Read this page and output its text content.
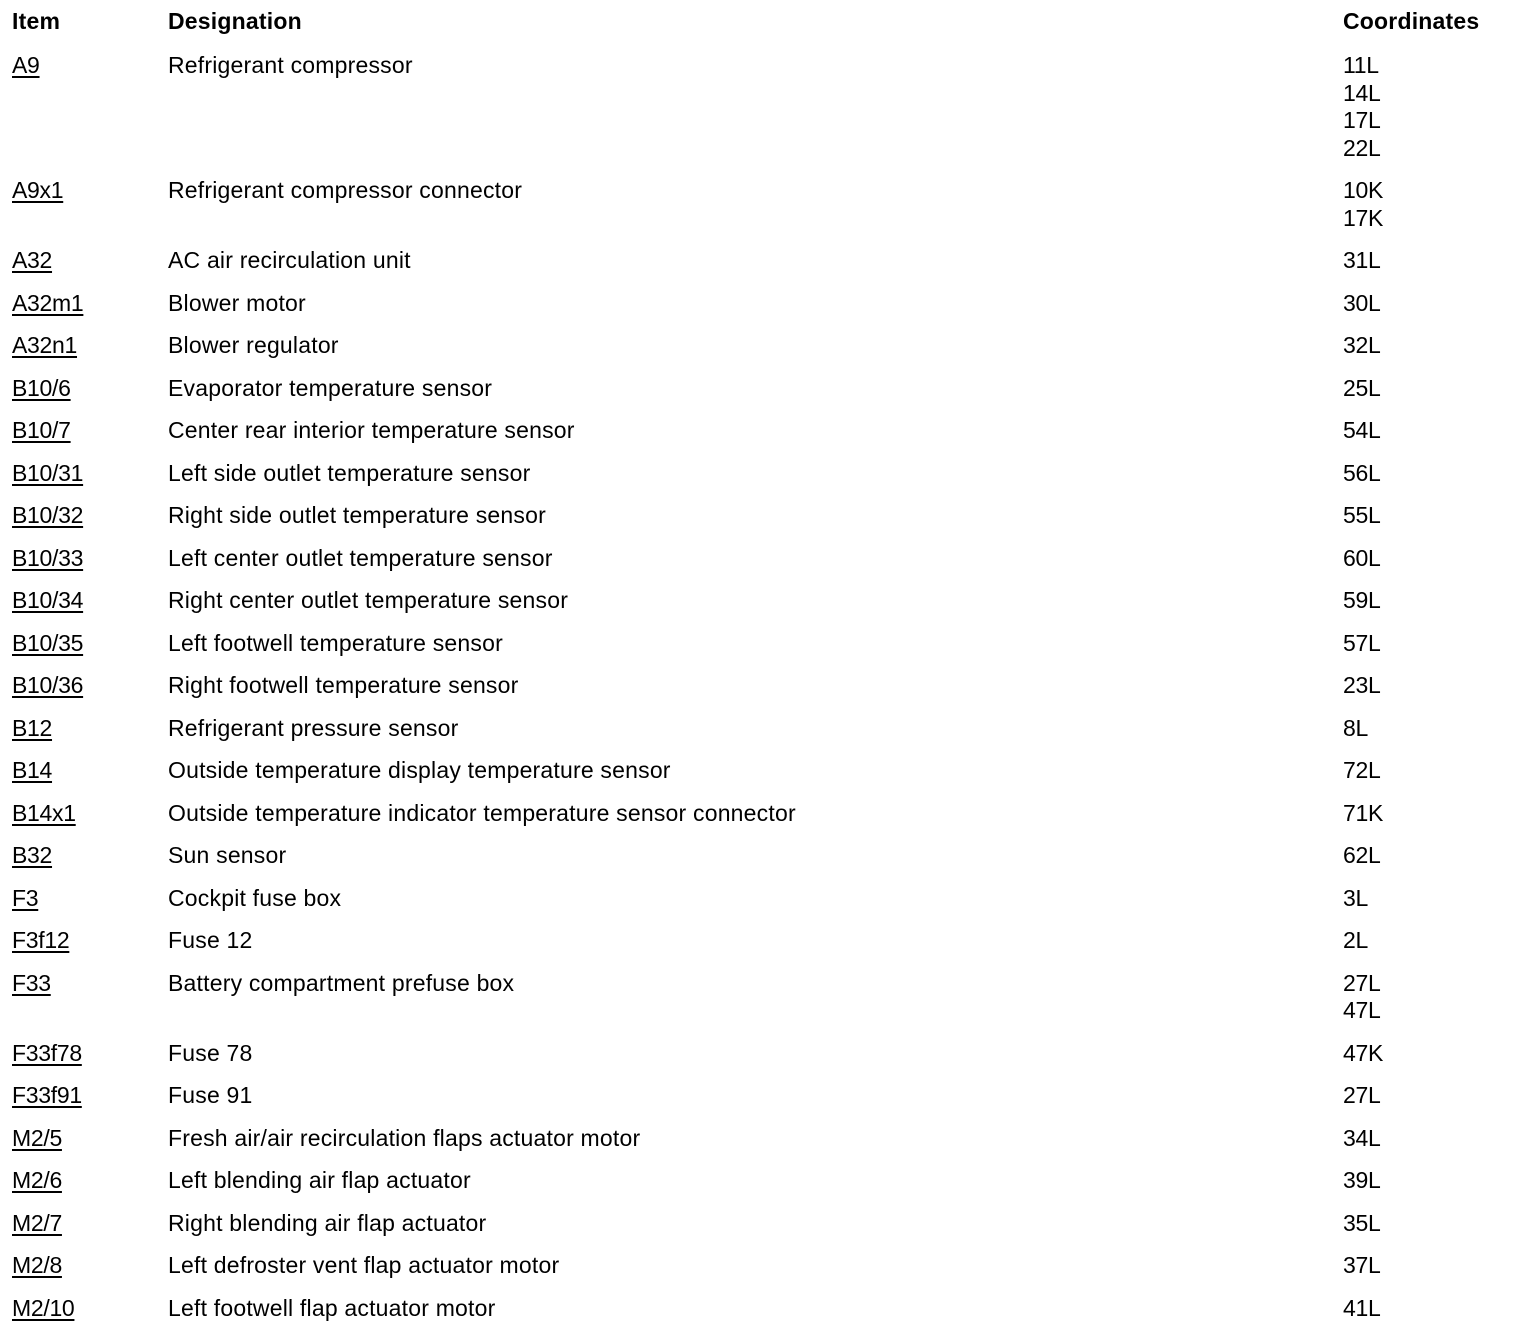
Item	Designation	Coordinates
A9	Refrigerant compressor	11L
14L
17L
22L
A9x1	Refrigerant compressor connector	10K
17K
A32	AC air recirculation unit	31L
A32m1	Blower motor	30L
A32n1	Blower regulator	32L
B10/6	Evaporator temperature sensor	25L
B10/7	Center rear interior temperature sensor	54L
B10/31	Left side outlet temperature sensor	56L
B10/32	Right side outlet temperature sensor	55L
B10/33	Left center outlet temperature sensor	60L
B10/34	Right center outlet temperature sensor	59L
B10/35	Left footwell temperature sensor	57L
B10/36	Right footwell temperature sensor	23L
B12	Refrigerant pressure sensor	8L
B14	Outside temperature display temperature sensor	72L
B14x1	Outside temperature indicator temperature sensor connector	71K
B32	Sun sensor	62L
F3	Cockpit fuse box	3L
F3f12	Fuse 12	2L
F33	Battery compartment prefuse box	27L
47L
F33f78	Fuse 78	47K
F33f91	Fuse 91	27L
M2/5	Fresh air/air recirculation flaps actuator motor	34L
M2/6	Left blending air flap actuator	39L
M2/7	Right blending air flap actuator	35L
M2/8	Left defroster vent flap actuator motor	37L
M2/10	Left footwell flap actuator motor	41L
